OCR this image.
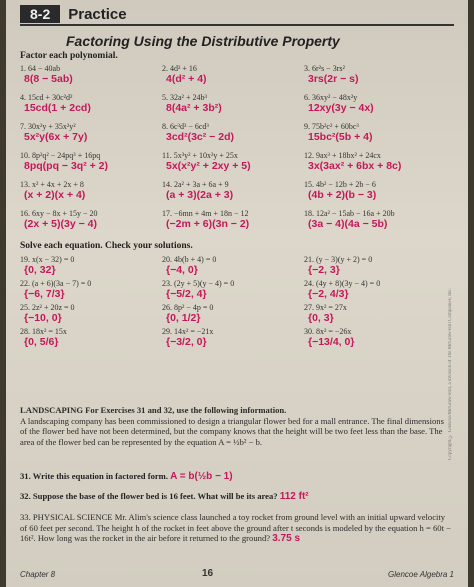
8-2	Practice
Factoring Using the Distributive Property
Factor each polynomial.
1. 64 − 40ab
8(8 − 5ab)
2. 4d² + 16
4(d² + 4)
3. 6r²s − 3rs²
3rs(2r − s)
4. 15cd + 30c²d²
15cd(1 + 2cd)
5. 32a² + 24b³
8(4a² + 3b²)
6. 36xy² − 48x²y
12xy(3y − 4x)
7. 30x²y + 35x²y²
5x²y(6x + 7y)
8. 6c³d³ − 6cd³
3cd²(3c² − 2d)
9. 75b²c² + 60bc³
15bc²(5b + 4)
10. 8p²q² − 24pq³ + 16pq
8pq(pq − 3q² + 2)
11. 5x³y² + 10x²y + 25x
5x(x²y² + 2xy + 5)
12. 9ax³ + 18bx² + 24cx
3x(3ax² + 6bx + 8c)
13. x² + 4x + 2x + 8
(x + 2)(x + 4)
14. 2a² + 3a + 6a + 9
(a + 3)(2a + 3)
15. 4b² − 12b + 2b − 6
(4b + 2)(b − 3)
16. 6xy − 8x + 15y − 20
(2x + 5)(3y − 4)
17. −6mn + 4m + 18n − 12
(−2m + 6)(3n − 2)
18. 12a² − 15ab − 16a + 20b
(3a − 4)(4a − 5b)
Solve each equation. Check your solutions.
19. x(x − 32) = 0
{0, 32}
20. 4b(b + 4) = 0
{−4, 0}
21. (y − 3)(y + 2) = 0
{−2, 3}
22. (a + 6)(3a − 7) = 0
{−6, 7/3}
23. (2y + 5)(y − 4) = 0
{−5/2, 4}
24. (4y + 8)(3y − 4) = 0
{−2, 4/3}
25. 2z² + 20z = 0
{−10, 0}
26. 8p² − 4p = 0
{0, 1/2}
27. 9x² = 27x
{0, 3}
28. 18x² = 15x
{0, 5/6}
29. 14x² = −21x
{−3/2, 0}
30. 8x² = −26x
{−13/4, 0}
LANDSCAPING For Exercises 31 and 32, use the following information.
A landscaping company has been commissioned to design a triangular flower bed for a mall entrance. The final dimensions of the flower bed have not been determined, but the company knows that the height will be two feet less than the base. The area of the flower bed can be represented by the equation A = ½b² − b.
31. Write this equation in factored form. A = b(½b − 1)
32. Suppose the base of the flower bed is 16 feet. What will be its area? 112 ft²
33. PHYSICAL SCIENCE Mr. Alim's science class launched a toy rocket from ground level with an initial upward velocity of 60 feet per second. The height h of the rocket in feet above the ground after t seconds is modeled by the equation h = 60t − 16t². How long was the rocket in the air before it returned to the ground? 3.75 s
Chapter 8	16	Glencoe Algebra 1
Copyright © Glencoe/McGraw-Hill, a division of The McGraw-Hill Companies, Inc.
